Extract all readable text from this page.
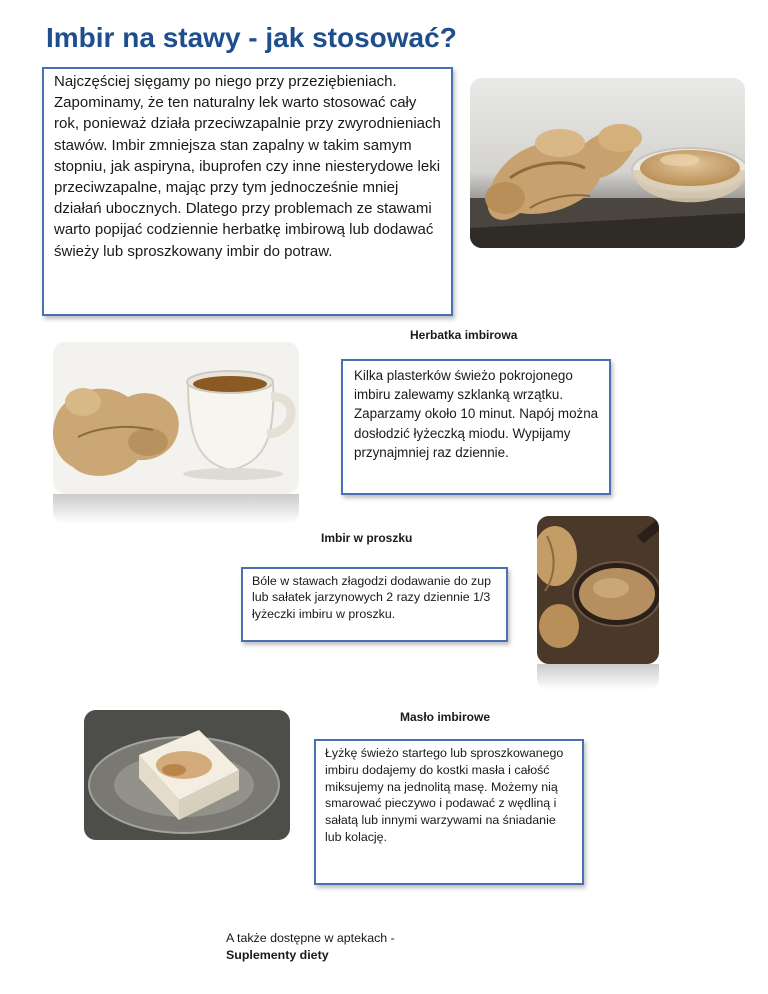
Imbir na stawy - jak stosować?

Najczęściej sięgamy po niego przy przeziębieniach. Zapominamy, że ten naturalny lek warto stosować cały rok, ponieważ działa przeciwzapalnie przy zwyrodnieniach stawów. Imbir zmniejsza stan zapalny w takim samym stopniu, jak aspiryna, ibuprofen czy inne niesterydowe leki przeciwzapalne, mając przy tym jednocześnie mniej działań ubocznych. Dlatego przy problemach ze stawami warto popijać codziennie herbatkę imbirową lub dodawać świeży lub sproszkowany imbir do potraw.

Herbatka imbirowa

Kilka plasterków świeżo pokrojonego imbiru zalewamy szklanką wrzątku. Zaparzamy około 10 minut. Napój można dosłodzić łyżeczką miodu. Wypijamy przynajmniej raz dziennie.

Imbir w proszku

Bóle w stawach złagodzi dodawanie do zup lub sałatek jarzynowych 2 razy dziennie 1/3 łyżeczki imbiru w proszku.

Masło imbirowe

Łyżkę świeżo startego lub sproszkowanego imbiru dodajemy do kostki masła i całość miksujemy na jednolitą masę. Możemy nią smarować pieczywo i podawać z wędliną i sałatą lub innymi warzywami na śniadanie lub kolację.

A także dostępne w aptekach -
Suplementy diety
